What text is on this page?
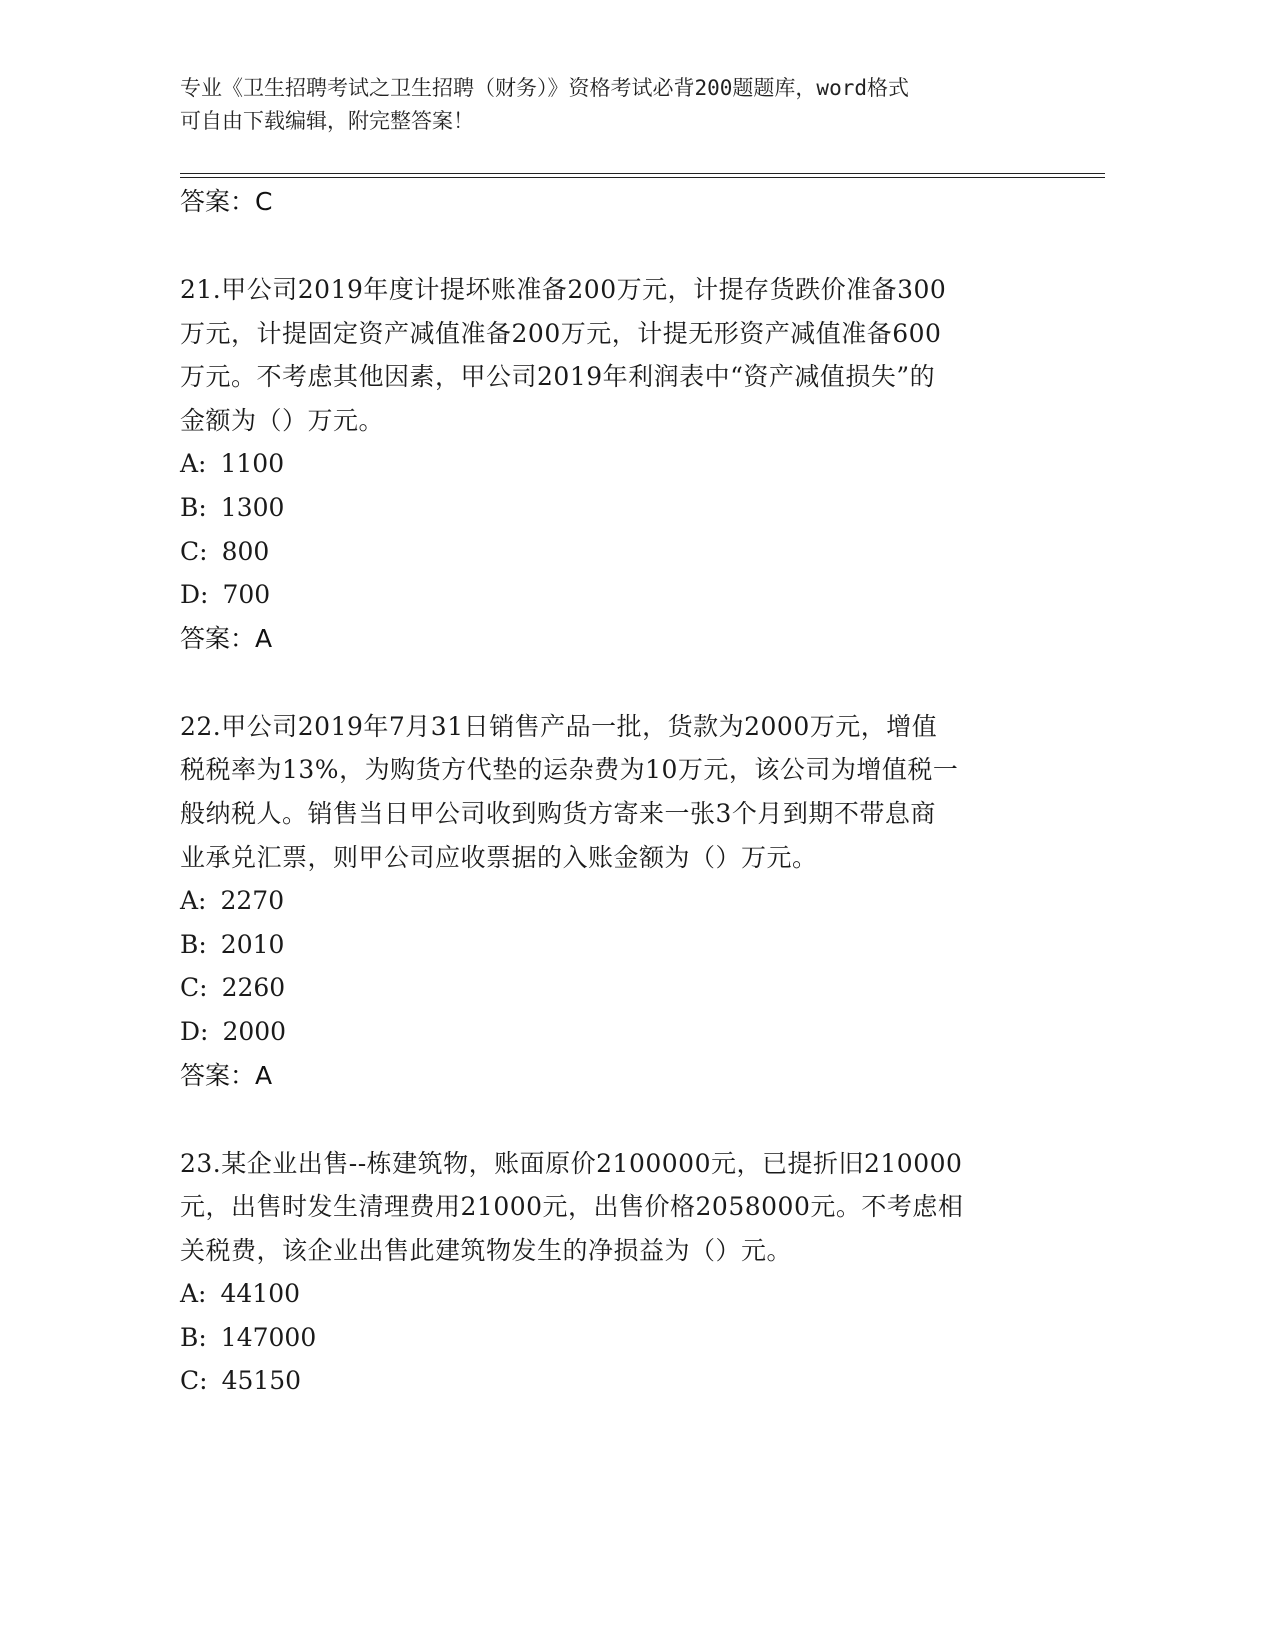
专业《卫生招聘考试之卫生招聘（财务）》资格考试必背200题题库，word格式
可自由下载编辑，附完整答案！
答案：C
21.甲公司2019年度计提坏账准备200万元，计提存货跌价准备300
万元，计提固定资产减值准备200万元，计提无形资产减值准备600
万元。不考虑其他因素，甲公司2019年利润表中“资产减值损失”的
金额为（）万元。
A: 1100
B: 1300
C: 800
D: 700
答案：A
22.甲公司2019年7月31日销售产品一批，货款为2000万元，增值
税税率为13%，为购货方代垫的运杂费为10万元，该公司为增值税一
般纳税人。销售当日甲公司收到购货方寄来一张3个月到期不带息商
业承兑汇票，则甲公司应收票据的入账金额为（）万元。
A: 2270
B: 2010
C: 2260
D: 2000
答案：A
23.某企业出售--栋建筑物，账面原价2100000元，已提折旧210000
元，出售时发生清理费用21000元，出售价格2058000元。不考虑相
关税费，该企业出售此建筑物发生的净损益为（）元。
A: 44100
B: 147000
C: 45150
